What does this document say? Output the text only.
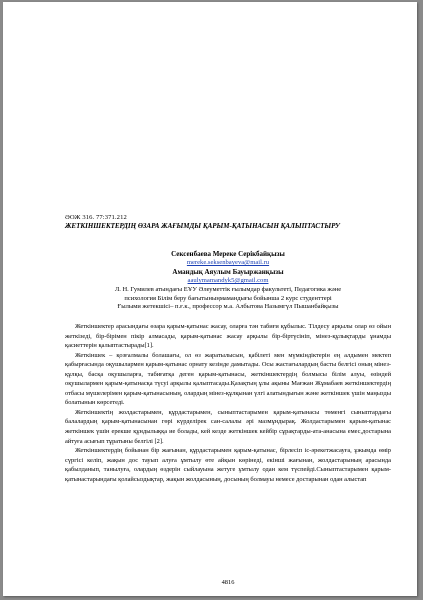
ӘОЖ 316. 77:371.212
ЖЕТКІНШЕКТЕРДІҢ ӨЗАРА ЖАҒЫМДЫ ҚАРЫМ-ҚАТЫНАСЫН ҚАЛЫПТАСТЫРУ
Сексенбаева Мереке Серікбайқызы
mereke.seksenbayeva@mail.ru
Амандық Аяулым Бауыржанқызы
aaulymamandyk5@gmail.com
Л. Н. Гумилев атындағы ЕҰУ Әлеуметтік ғылымдар факультеті, Педагогика және
психология Білім беру бағытыныңмамандығы бойынша 2 курс студенттері
Ғылыми жетекшісі– п.ғ.к., профессор м.а. Албытова Назымгүл Пышанбайқызы

Жеткіншектер арасындағы өзара қарым-қатынас жасау, оларға тән табиғи құбылыс. Тілдесу арқылы олар өз ойын жеткізеді, бір-бірімен пікір алмасады, қарым-қатынас жасау арқылы бір-біртүсініп, мінез-құлықтарды ұнамды қасиеттерін қалыптастырады[1].

Жеткіншек – қозғалмалы болашағы, ол өз жаратылысын, қабілеті мен мүмкіндіктерін ең алдымен мектеп қабырғасында оқушылармен қарым-қатынас орнату кезінде дамытады. Осы жастағылардың басты белгісі оның мінез-құлқы, басқа оқушыларға, табиғатқа деген қарым-қатынасы, жеткіншектердің болмысы білім алуы, өзіндей оқушылармен қарым-қатынасқа түсуі арқылы қалыптасады.Қазақтың ұлы ақыны Мағжан Жұмабаев жеткіншектердің отбасы мүшелерімен қарым-қатынасының, олардың мінез-құлқынан үлгі алатындығын және жеткіншек үшін маңызды болатынын көрсетеді.

Жеткіншектің жолдастарымен, құрдастарымен, сыныптастарымен қарым-қатынасы төменгі сыныптардағы балалардың қарым-қатынасынан гөрі күрделірек сан-салалы әрі мазмұндырақ. Жолдастарымен қарым-қатынас жеткіншек үшін ерекше құндылыққа ие болады, кей кезде жеткіншек кейбір сұрақтарды-ата-анасына емес,достарына айтуға асығып тұратыны белгілі [2].

Жеткіншектердің бойынан бір жағынан, құрдастарымен қарым-қатынас, бірлесіп іс-әрекетжасауға, ұжымда өмір сүргісі келіп, жақын дос тауып алуға ұмтылу өте айқын көрінеді, екінші жағынан, жолдастарының арасында қабылданып, танылуға, олардың өздерін сыйлауына жетуге ұмтылу одан кем түспейді.Сыныптастарымен қарым-қатынастарындағы қолайсыздықтар, жақын жолдасының, досының болмауы немесе достарынан одан алыстап

4816
